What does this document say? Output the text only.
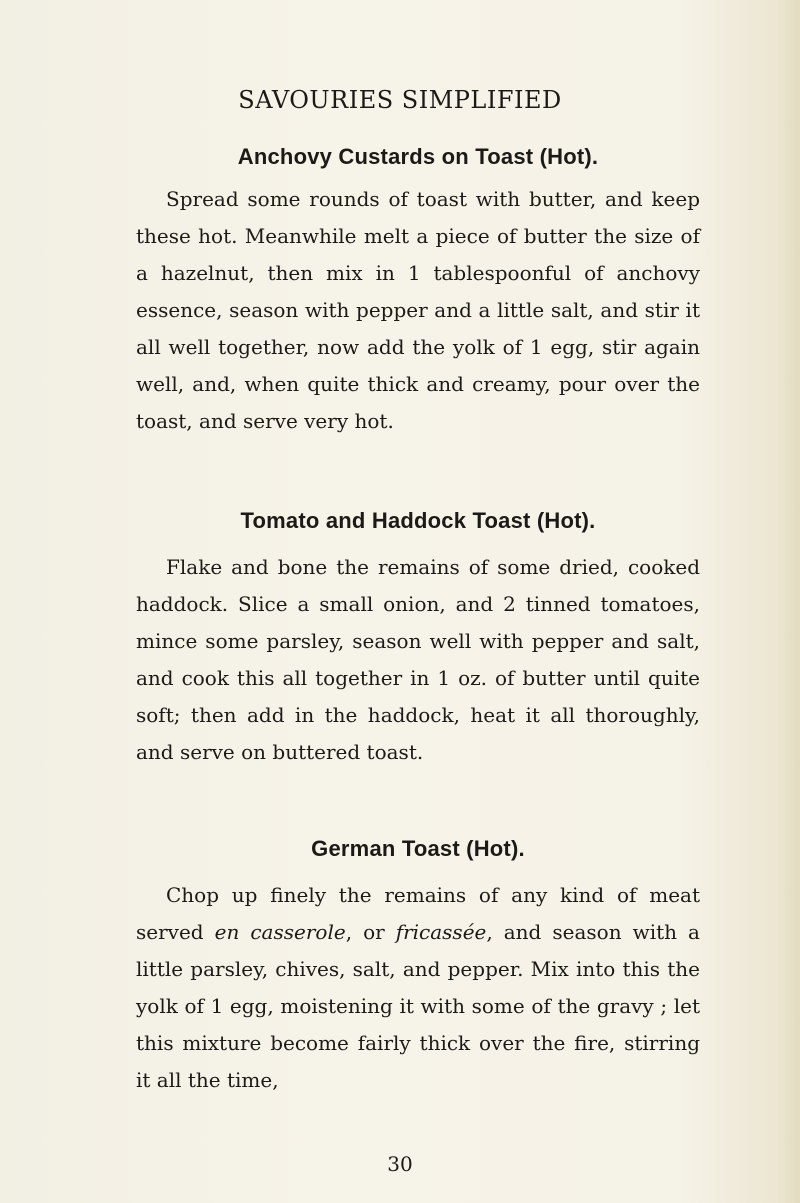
SAVOURIES SIMPLIFIED
Anchovy Custards on Toast (Hot).

Spread some rounds of toast with butter, and keep these hot. Meanwhile melt a piece of butter the size of a hazelnut, then mix in 1 tablespoonful of anchovy essence, season with pepper and a little salt, and stir it all well together, now add the yolk of 1 egg, stir again well, and, when quite thick and creamy, pour over the toast, and serve very hot.

Tomato and Haddock Toast (Hot).

Flake and bone the remains of some dried, cooked haddock. Slice a small onion, and 2 tinned tomatoes, mince some parsley, season well with pepper and salt, and cook this all together in 1 oz. of butter until quite soft; then add in the haddock, heat it all thoroughly, and serve on buttered toast.

German Toast (Hot).

Chop up finely the remains of any kind of meat served en casserole, or fricassée, and season with a little parsley, chives, salt, and pepper. Mix into this the yolk of 1 egg, moistening it with some of the gravy ; let this mixture become fairly thick over the fire, stirring it all the time,

30
